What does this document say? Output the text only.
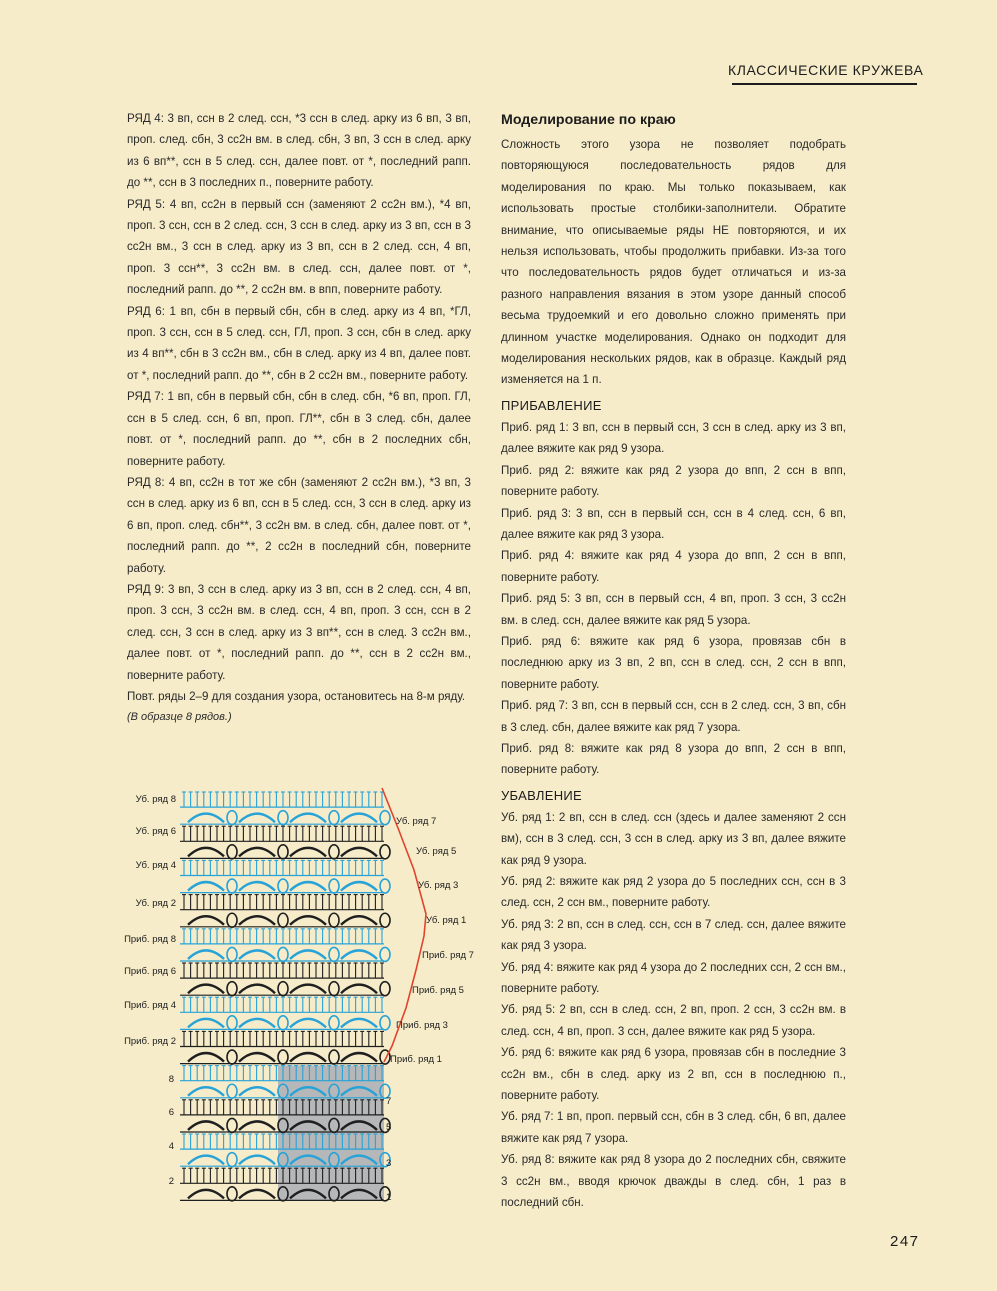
КЛАССИЧЕСКИЕ КРУЖЕВА

РЯД 4: 3 вп, ссн в 2 след. ссн, *3 ссн в след. арку из 6 вп, 3 вп, проп. след. сбн, 3 сс2н вм. в след. сбн, 3 вп, 3 ссн в след. арку из 6 вп**, ссн в 5 след. ссн, далее повт. от *, последний рапп. до **, ссн в 3 последних п., поверните работу.

РЯД 5: 4 вп, сс2н в первый ссн (заменяют 2 сс2н вм.), *4 вп, проп. 3 ссн, ссн в 2 след. ссн, 3 ссн в след. арку из 3 вп, ссн в 3 сс2н вм., 3 ссн в след. арку из 3 вп, ссн в 2 след. ссн, 4 вп, проп. 3 ссн**, 3 сс2н вм. в след. ссн, далее повт. от *, последний рапп. до **, 2 сс2н вм. в впп, поверните работу.

РЯД 6: 1 вп, сбн в первый сбн, сбн в след. арку из 4 вп, *ГЛ, проп. 3 ссн, ссн в 5 след. ссн, ГЛ, проп. 3 ссн, сбн в след. арку из 4 вп**, сбн в 3 сс2н вм., сбн в след. арку из 4 вп, далее повт. от *, последний рапп. до **, сбн в 2 сс2н вм., поверните работу.

РЯД 7: 1 вп, сбн в первый сбн, сбн в след. сбн, *6 вп, проп. ГЛ, ссн в 5 след. ссн, 6 вп, проп. ГЛ**, сбн в 3 след. сбн, далее повт. от *, последний рапп. до **, сбн в 2 последних сбн, поверните работу.

РЯД 8: 4 вп, сс2н в тот же сбн (заменяют 2 сс2н вм.), *3 вп, 3 ссн в след. арку из 6 вп, ссн в 5 след. ссн, 3 ссн в след. арку из 6 вп, проп. след. сбн**, 3 сс2н вм. в след. сбн, далее повт. от *, последний рапп. до **, 2 сс2н в последний сбн, поверните работу.

РЯД 9: 3 вп, 3 ссн в след. арку из 3 вп, ссн в 2 след. ссн, 4 вп, проп. 3 ссн, 3 сс2н вм. в след. ссн, 4 вп, проп. 3 ссн, ссн в 2 след. ссн, 3 ссн в след. арку из 3 вп**, ссн в след. 3 сс2н вм., далее повт. от *, последний рапп. до **, ссн в 2 сс2н вм., поверните работу.

Повт. ряды 2–9 для создания узора, остановитесь на 8-м ряду.

(В образце 8 рядов.)

Моделирование по краю

Сложность этого узора не позволяет подобрать повторяющуюся последовательность рядов для моделирования по краю. Мы только показываем, как использовать простые столбики-заполнители. Обратите внимание, что описываемые ряды НЕ повторяются, и их нельзя использовать, чтобы продолжить прибавки. Из-за того что последовательность рядов будет отличаться и из-за разного направления вязания в этом узоре данный способ весьма трудоемкий и его довольно сложно применять при длинном участке моделирования. Однако он подходит для моделирования нескольких рядов, как в образце. Каждый ряд изменяется на 1 п.

ПРИБАВЛЕНИЕ

Приб. ряд 1: 3 вп, ссн в первый ссн, 3 ссн в след. арку из 3 вп, далее вяжите как ряд 9 узора.

Приб. ряд 2: вяжите как ряд 2 узора до впп, 2 ссн в впп, поверните работу.

Приб. ряд 3: 3 вп, ссн в первый ссн, ссн в 4 след. ссн, 6 вп, далее вяжите как ряд 3 узора.

Приб. ряд 4: вяжите как ряд 4 узора до впп, 2 ссн в впп, поверните работу.

Приб. ряд 5: 3 вп, ссн в первый ссн, 4 вп, проп. 3 ссн, 3 сс2н вм. в след. ссн, далее вяжите как ряд 5 узора.

Приб. ряд 6: вяжите как ряд 6 узора, провязав сбн в последнюю арку из 3 вп, 2 вп, ссн в след. ссн, 2 ссн в впп, поверните работу.

Приб. ряд 7: 3 вп, ссн в первый ссн, ссн в 2 след. ссн, 3 вп, сбн в 3 след. сбн, далее вяжите как ряд 7 узора.

Приб. ряд 8: вяжите как ряд 8 узора до впп, 2 ссн в впп, поверните работу.

УБАВЛЕНИЕ

Уб. ряд 1: 2 вп, ссн в след. ссн (здесь и далее заменяют 2 ссн вм), ссн в 3 след. ссн, 3 ссн в след. арку из 3 вп, далее вяжите как ряд 9 узора.

Уб. ряд 2: вяжите как ряд 2 узора до 5 последних ссн, ссн в 3 след. ссн, 2 ссн вм., поверните работу.

Уб. ряд 3: 2 вп, ссн в след. ссн, ссн в 7 след. ссн, далее вяжите как ряд 3 узора.

Уб. ряд 4: вяжите как ряд 4 узора до 2 последних ссн, 2 ссн вм., поверните работу.

Уб. ряд 5: 2 вп, ссн в след. ссн, 2 вп, проп. 2 ссн, 3 сс2н вм. в след. ссн, 4 вп, проп. 3 ссн, далее вяжите как ряд 5 узора.

Уб. ряд 6: вяжите как ряд 6 узора, провязав сбн в последние 3 сс2н вм., сбн в след. арку из 2 вп, ссн в последнюю п., поверните работу.

Уб. ряд 7: 1 вп, проп. первый ссн, сбн в 3 след. сбн, 6 вп, далее вяжите как ряд 7 узора.

Уб. ряд 8: вяжите как ряд 8 узора до 2 последних сбн, свяжите 3 сс2н вм., вводя крючок дважды в след. сбн, 1 раз в последний сбн.

Уб. ряд 8
Уб. ряд 6
Уб. ряд 4
Уб. ряд 2
Приб. ряд 8
Приб. ряд 6
Приб. ряд 4
Приб. ряд 2
8
6
4
2
Уб. ряд 7
Уб. ряд 5
Уб. ряд 3
Уб. ряд 1
Приб. ряд 7
Приб. ряд 5
Приб. ряд 3
Приб. ряд 1
7
5
3
1
247
